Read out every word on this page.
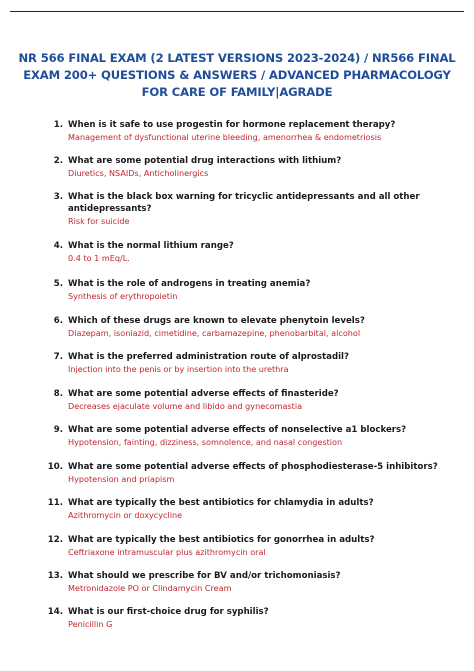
NR 566 FINAL EXAM (2 LATEST VERSIONS 2023-2024) / NR566 FINAL EXAM 200+ QUESTIONS & ANSWERS / ADVANCED PHARMACOLOGY FOR CARE OF FAMILY|AGRADE
1. When is it safe to use progestin for hormone replacement therapy?

Management of dysfunctional uterine bleeding, amenorrhea & endometriosis

2. What are some potential drug interactions with lithium?

Diuretics, NSAIDs, Anticholinergics

3. What is the black box warning for tricyclic antidepressants and all other antidepressants?

Risk for suicide

4. What is the normal lithium range?

0.4 to 1 mEq/L.

5. What is the role of androgens in treating anemia?

Synthesis of erythropoietin

6. Which of these drugs are known to elevate phenytoin levels?

Diazepam, isoniazid, cimetidine, carbamazepine, phenobarbital, alcohol

7. What is the preferred administration route of alprostadil?

Injection into the penis or by insertion into the urethra

8. What are some potential adverse effects of finasteride?

Decreases ejaculate volume and libido and gynecomastia

9. What are some potential adverse effects of nonselective a1 blockers?

Hypotension, fainting, dizziness, somnolence, and nasal congestion

10. What are some potential adverse effects of phosphodiesterase-5 inhibitors?

Hypotension and priapism

11. What are typically the best antibiotics for chlamydia in adults?

Azithromycin or doxycycline

12. What are typically the best antibiotics for gonorrhea in adults?

Ceftriaxone intramuscular plus azithromycin oral

13. What should we prescribe for BV and/or trichomoniasis?

Metronidazole PO or Clindamycin Cream

14. What is our first-choice drug for syphilis?

Penicillin G
